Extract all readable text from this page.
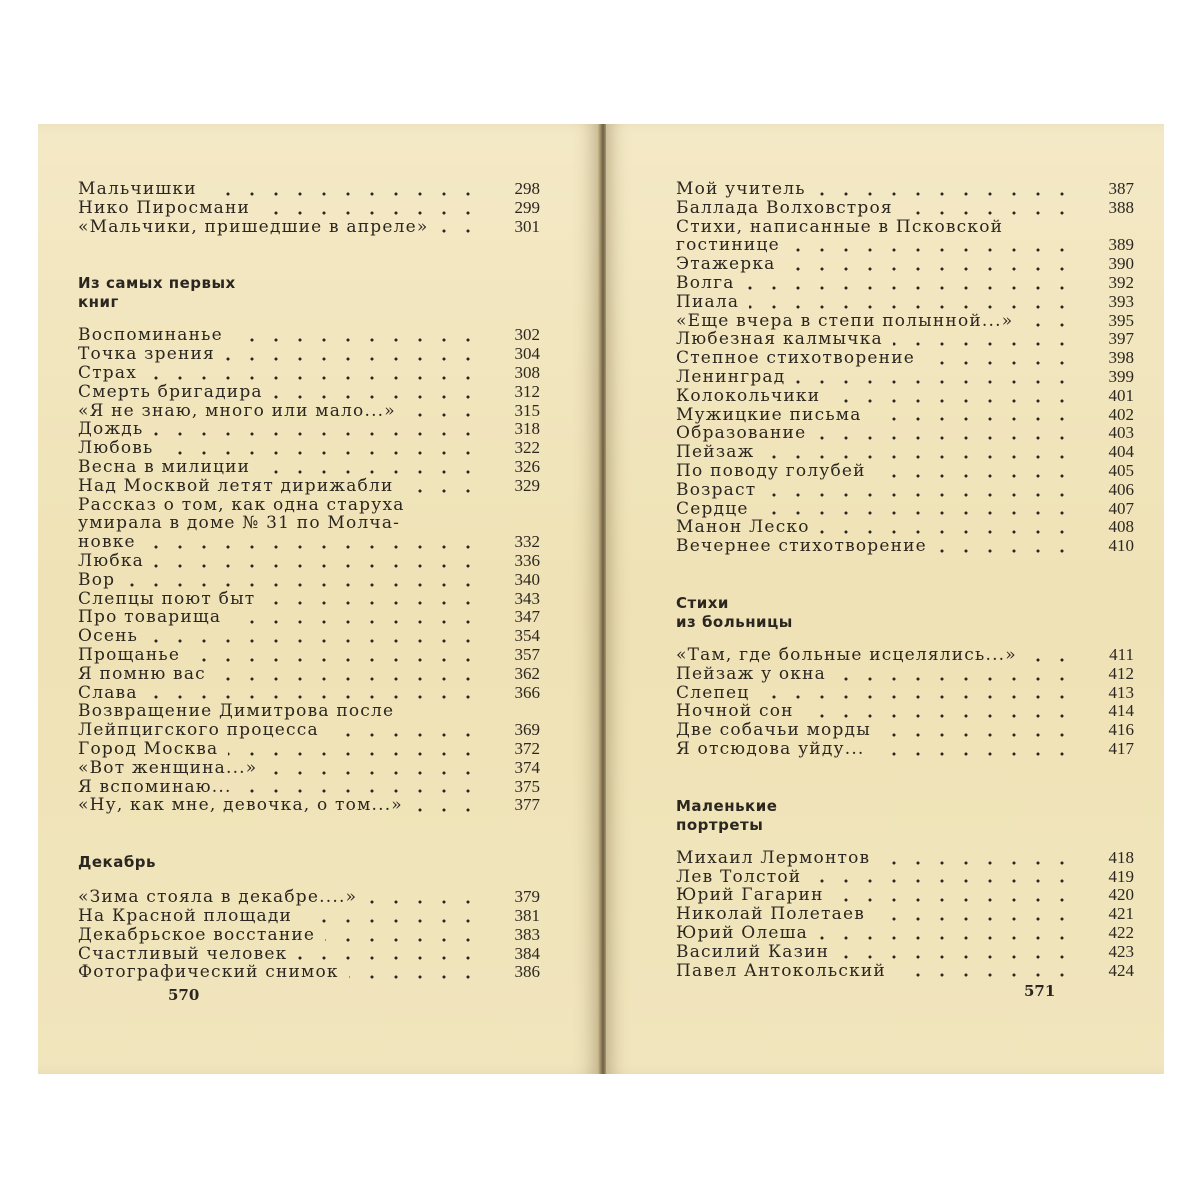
Мальчишки	298
Нико Пиросмани	299
«Мальчики, пришедшие в апреле»	301
Из самых первых
книг
Воспоминанье	302
Точка зрения	304
Страх	308
Смерть бригадира	312
«Я не знаю, много или мало...»	315
Дождь	318
Любовь	322
Весна в милиции	326
Над Москвой летят дирижабли	329
Рассказ о том, как одна старуха
умирала в доме № 31 по Молча-
новке	332
Любка	336
Вор	340
Слепцы поют быт	343
Про товарища	347
Осень	354
Прощанье	357
Я помню вас	362
Слава	366
Возвращение Димитрова после
Лейпцигского процесса	369
Город Москва	372
«Вот женщина...»	374
Я вспоминаю...	375
«Ну, как мне, девочка, о том...»	377
Декабрь
«Зима стояла в декабре....»	379
На Красной площади	381
Декабрьское восстание	383
Счастливый человек	384
Фотографический снимок	386
570
Мой учитель	387
Баллада Волховстроя	388
Стихи, написанные в Псковской
гостинице	389
Этажерка	390
Волга	392
Пиала	393
«Еще вчера в степи полынной...»	395
Любезная калмычка	397
Степное стихотворение	398
Ленинград	399
Колокольчики	401
Мужицкие письма	402
Образование	403
Пейзаж	404
По поводу голубей	405
Возраст	406
Сердце	407
Манон Леско	408
Вечернее стихотворение	410
Стихи
из больницы
«Там, где больные исцелялись...»	411
Пейзаж у окна	412
Слепец	413
Ночной сон	414
Две собачьи морды	416
Я отсюдова уйду...	417
Маленькие
портреты
Михаил Лермонтов	418
Лев Толстой	419
Юрий Гагарин	420
Николай Полетаев	421
Юрий Олеша	422
Василий Казин	423
Павел Антокольский	424
571
